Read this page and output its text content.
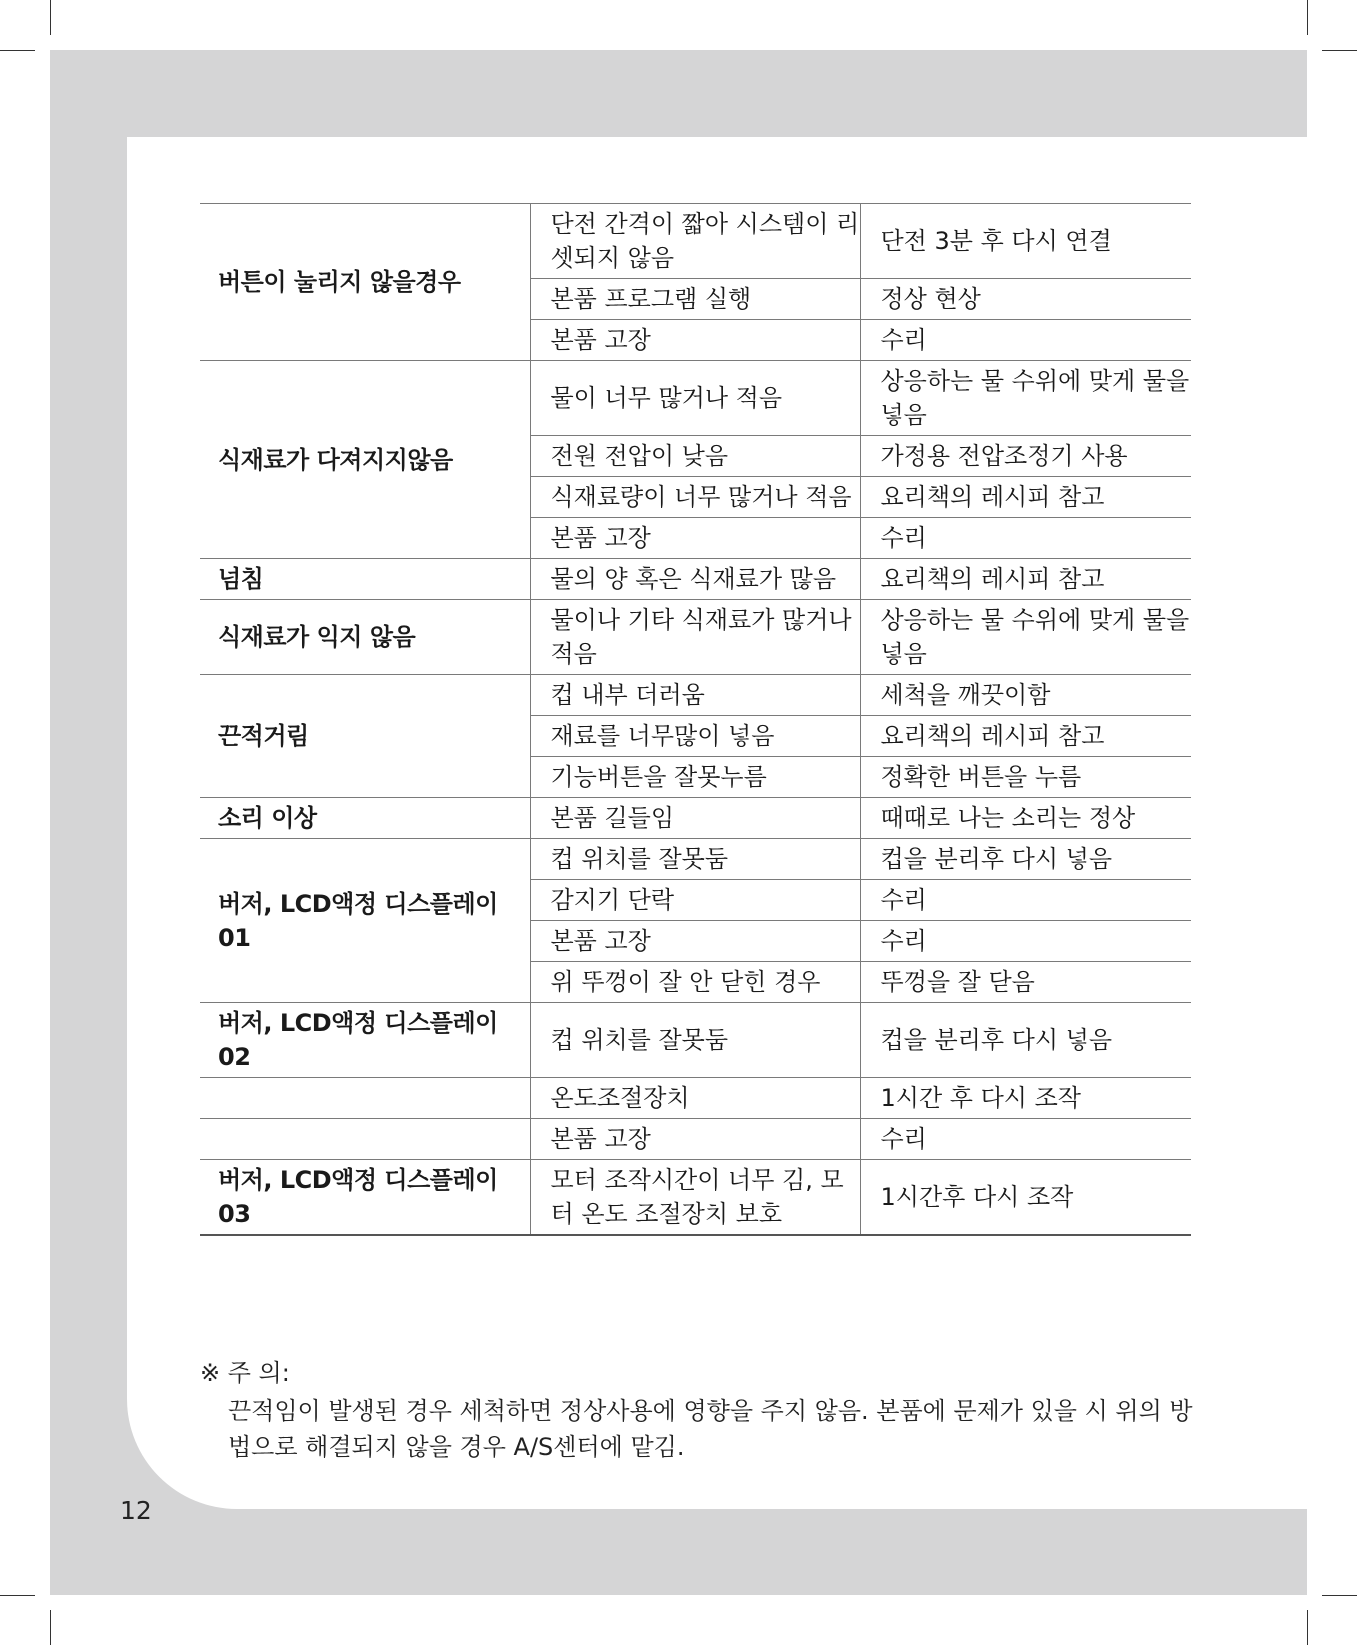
버튼이 눌리지 않을경우	단전 간격이 짧아 시스템이 리셋되지 않음	단전 3분 후 다시 연결
	본품 프로그램 실행	정상 현상
	본품 고장	수리
식재료가 다져지지않음	물이 너무 많거나 적음	상응하는 물 수위에 맞게 물을 넣음
	전원 전압이 낮음	가정용 전압조정기 사용
	식재료량이 너무 많거나 적음	요리책의 레시피 참고
	본품 고장	수리
넘침	물의 양 혹은 식재료가 많음	요리책의 레시피 참고
식재료가 익지 않음	물이나 기타 식재료가 많거나 적음	상응하는 물 수위에 맞게 물을 넣음
끈적거림	컵 내부 더러움	세척을 깨끗이함
	재료를 너무많이 넣음	요리책의 레시피 참고
	기능버튼을 잘못누름	정확한 버튼을 누름
소리 이상	본품 길들임	때때로 나는 소리는 정상
버저, LCD액정 디스플레이 01	컵 위치를 잘못둠	컵을 분리후 다시 넣음
	감지기 단락	수리
	본품 고장	수리
	위 뚜껑이 잘 안 닫힌 경우	뚜껑을 잘 닫음
버저, LCD액정 디스플레이 02	컵 위치를 잘못둠	컵을 분리후 다시 넣음
	온도조절장치	1시간 후 다시 조작
	본품 고장	수리
버저, LCD액정 디스플레이 03	모터 조작시간이 너무 김, 모터 온도 조절장치 보호	1시간후 다시 조작
※ 주 의:
끈적임이 발생된 경우 세척하면 정상사용에 영향을 주지 않음. 본품에 문제가 있을 시 위의 방법으로 해결되지 않을 경우 A/S센터에 맡김.
12
